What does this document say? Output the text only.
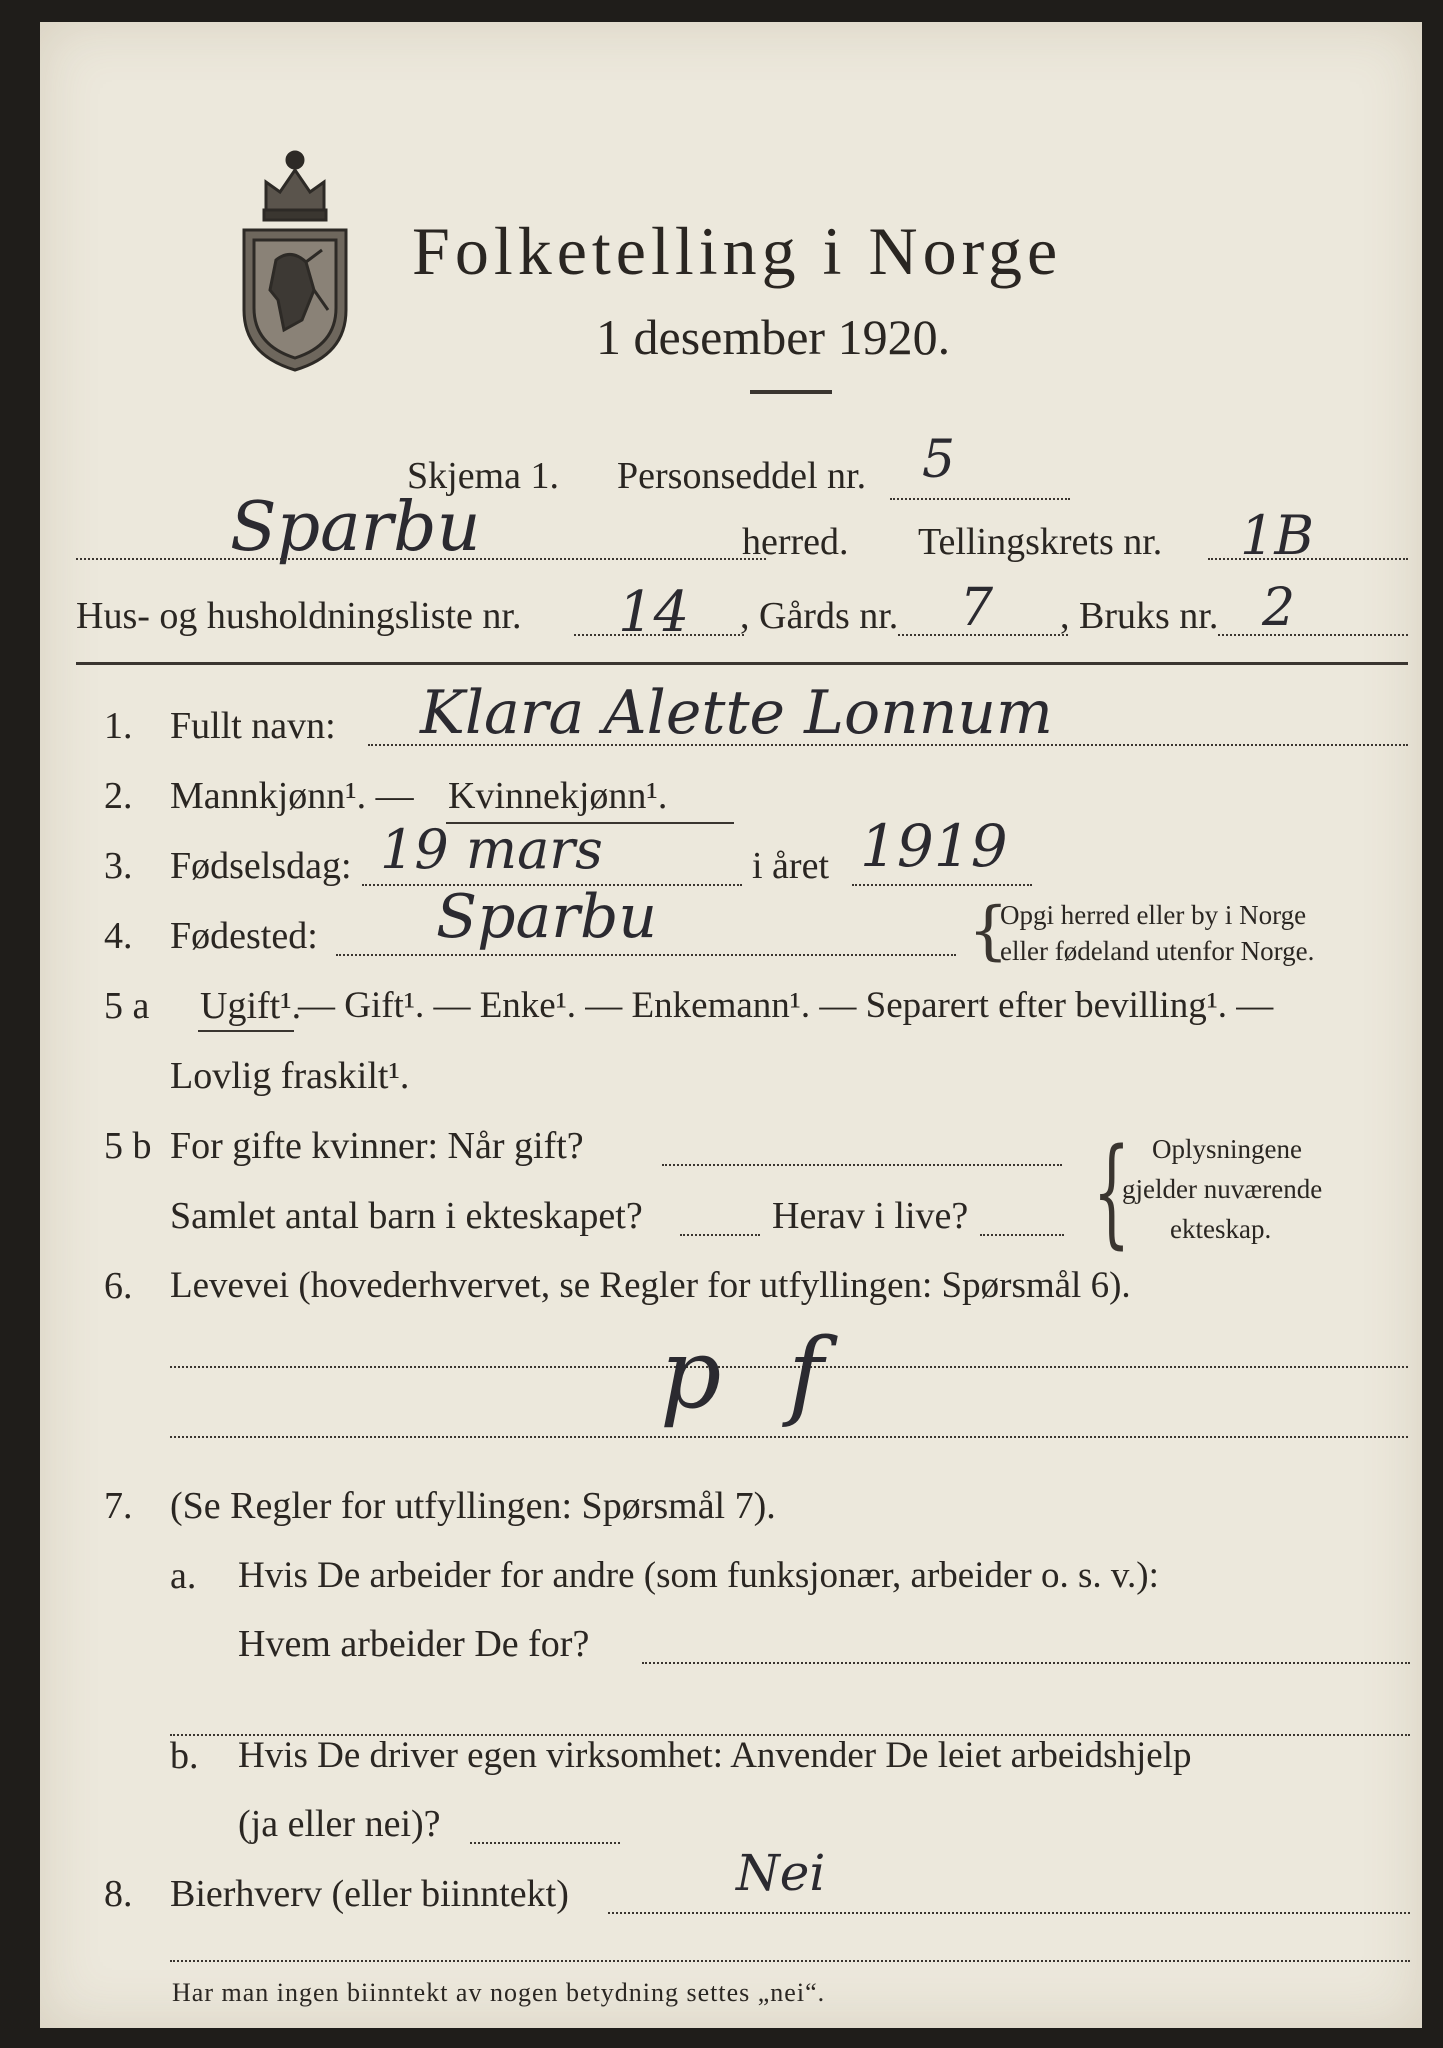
Folketelling i Norge
1 desember 1920.
Skjema 1. Personseddel nr. 5
Sparbu	herred. Tellingskrets nr. 1B
Hus- og husholdningsliste nr. 14 , Gårds nr. 7 , Bruks nr. 2
1. Fullt navn: Klara Alette Lonnum
2. Mannkjønn¹. — Kvinnekjønn¹.
3. Fødselsdag: 19 mars	i året 1919
4. Fødested: Sparbu	{
Opgi herred eller by i Norge
eller fødeland utenfor Norge.
5 a Ugift¹.
— Gift¹. — Enke¹. — Enkemann¹. — Separert efter bevilling¹. —
Lovlig fraskilt¹.
5 b For gifte kvinner: Når gift?
Samlet antal barn i ekteskapet?	Herav i live? { Oplysningene
gjelder nuværende
ekteskap.
6. Levevei (hovederhvervet, se Regler for utfyllingen: Spørsmål 6).
p f
7. (Se Regler for utfyllingen: Spørsmål 7).
a. Hvis De arbeider for andre (som funksjonær, arbeider o. s. v.):
Hvem arbeider De for?
b. Hvis De driver egen virksomhet: Anvender De leiet arbeidshjelp
(ja eller nei)?
8. Bierhverv (eller biinntekt)	Nei
Har man ingen biinntekt av nogen betydning settes „nei“.
